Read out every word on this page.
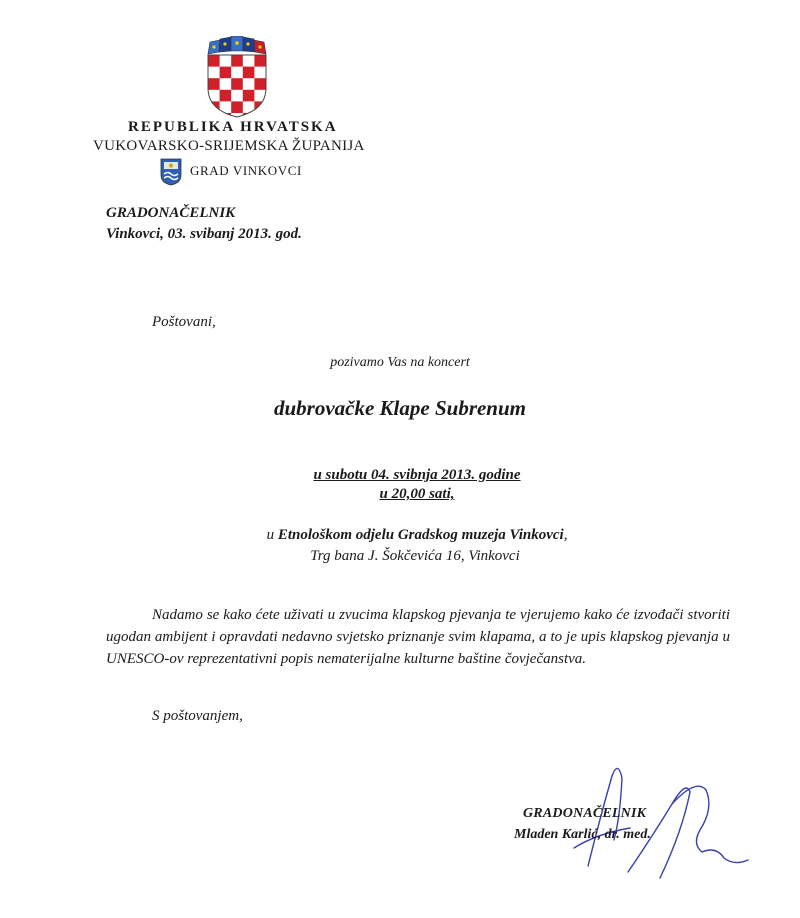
REPUBLIKA HRVATSKA
VUKOVARSKO-SRIJEMSKA ŽUPANIJA
GRAD VINKOVCI
GRADONAČELNIK
Vinkovci, 03. svibanj 2013. god.
Poštovani,
pozivamo Vas na koncert
dubrovačke Klape Subrenum
u subotu 04. svibnja 2013. godine
u 20,00 sati,
u Etnološkom odjelu Gradskog muzeja Vinkovci,
Trg bana J. Šokčevića 16, Vinkovci
Nadamo se kako ćete uživati u zvucima klapskog pjevanja te vjerujemo kako će izvođači stvoriti ugodan ambijent i opravdati nedavno svjetsko priznanje svim klapama, a to je upis klapskog pjevanja u UNESCO-ov reprezentativni popis nematerijalne kulturne baštine čovječanstva.
S poštovanjem,
GRADONAČELNIK
Mladen Karlić, dr. med.
